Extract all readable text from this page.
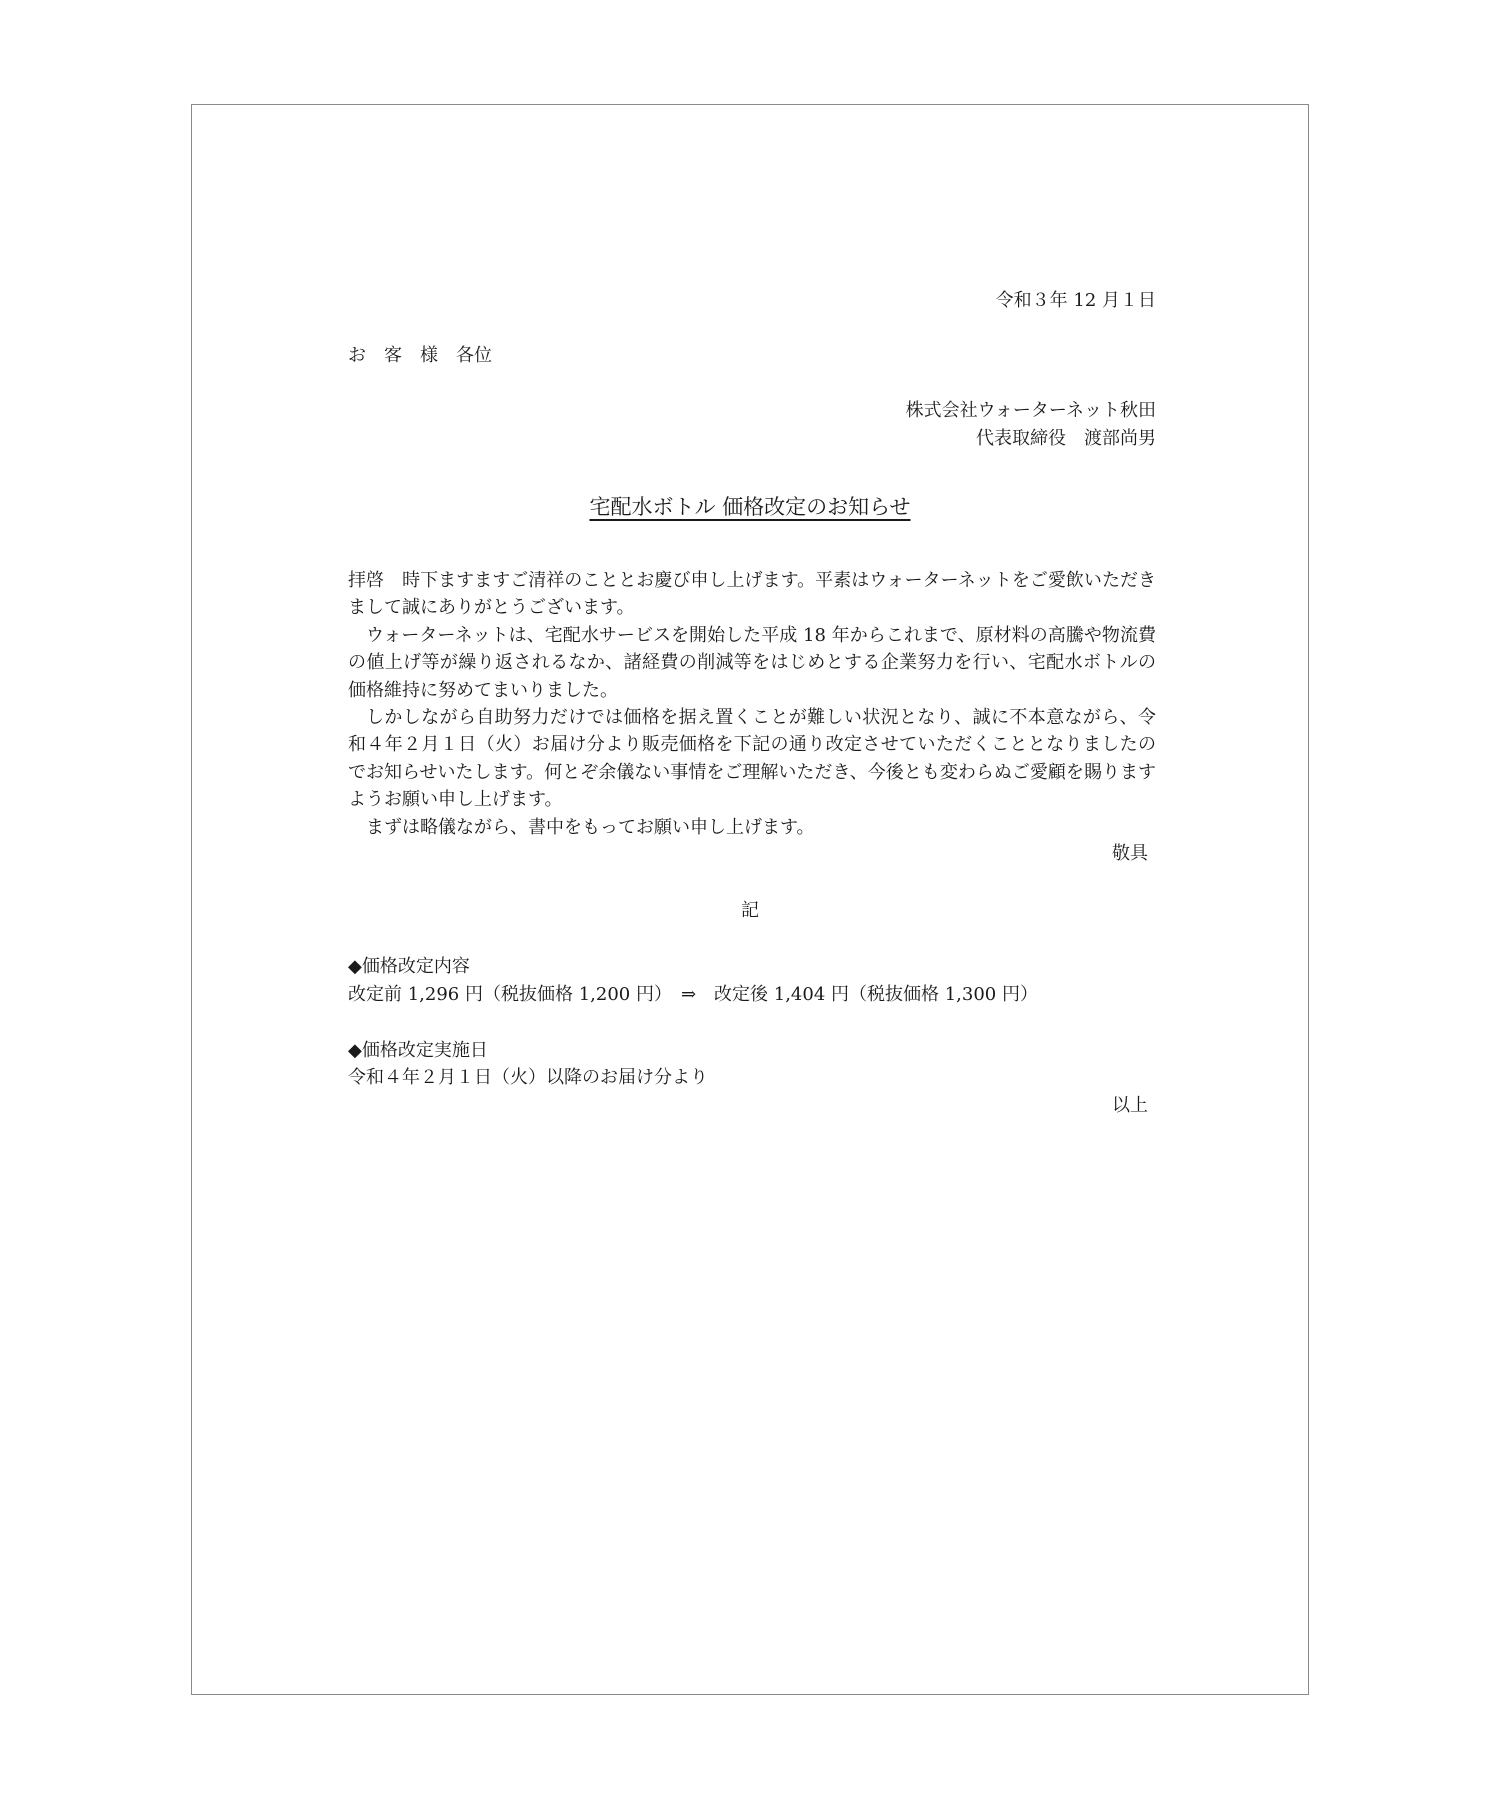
令和３年 12 月１日
お　客　様　各位
株式会社ウォーターネット秋田
代表取締役　渡部尚男
宅配水ボトル 価格改定のお知らせ

拝啓　時下ますますご清祥のこととお慶び申し上げます。平素はウォーターネットをご愛飲いただきまして誠にありがとうございます。

ウォーターネットは、宅配水サービスを開始した平成 18 年からこれまで、原材料の高騰や物流費の値上げ等が繰り返されるなか、諸経費の削減等をはじめとする企業努力を行い、宅配水ボトルの価格維持に努めてまいりました。

しかしながら自助努力だけでは価格を据え置くことが難しい状況となり、誠に不本意ながら、令和４年２月１日（火）お届け分より販売価格を下記の通り改定させていただくこととなりましたのでお知らせいたします。何とぞ余儀ない事情をご理解いただき、今後とも変わらぬご愛顧を賜りますようお願い申し上げます。

まずは略儀ながら、書中をもってお願い申し上げます。

敬具
記
◆価格改定内容
改定前 1,296 円（税抜価格 1,200 円）　⇒　改定後 1,404 円（税抜価格 1,300 円）
◆価格改定実施日
令和４年２月１日（火）以降のお届け分より
以上
